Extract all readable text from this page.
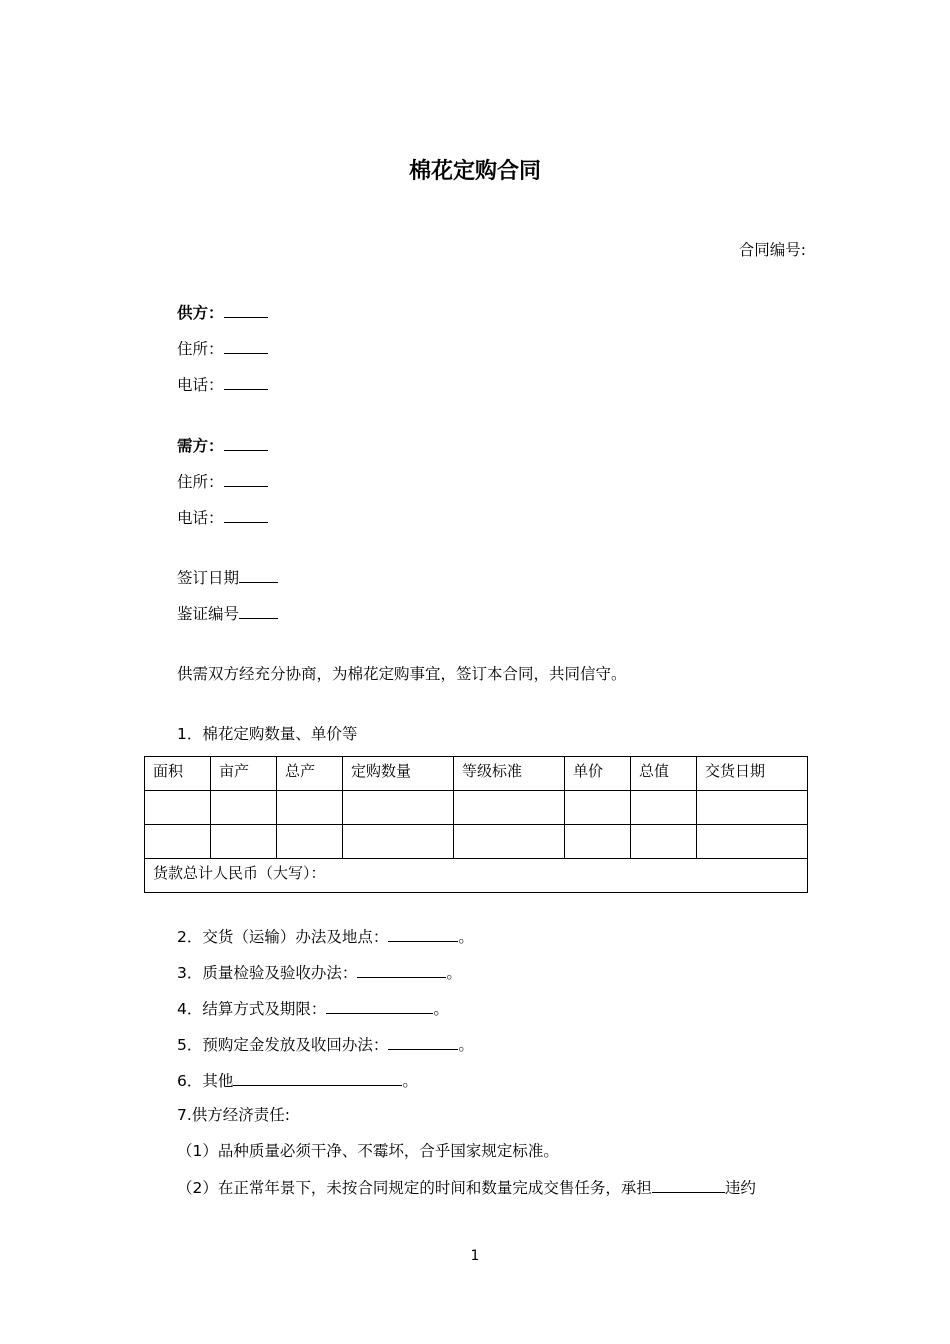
棉花定购合同
合同编号:
供方：
住所：
电话：
需方：
住所：
电话：
签订日期
鉴证编号
供需双方经充分协商，为棉花定购事宜，签订本合同，共同信守。
1．棉花定购数量、单价等
面积	亩产	总产	定购数量	等级标准	单价	总值	交货日期

货款总计人民币（大写）：							
2．交货（运输）办法及地点：	。
3．质量检验及验收办法：	。
4．结算方式及期限：	。
5．预购定金发放及收回办法：	。
6．其他	。
7.供方经济责任:
（1）品种质量必须干净、不霉坏，合乎国家规定标准。
（2）在正常年景下，未按合同规定的时间和数量完成交售任务，承担	违约
1
